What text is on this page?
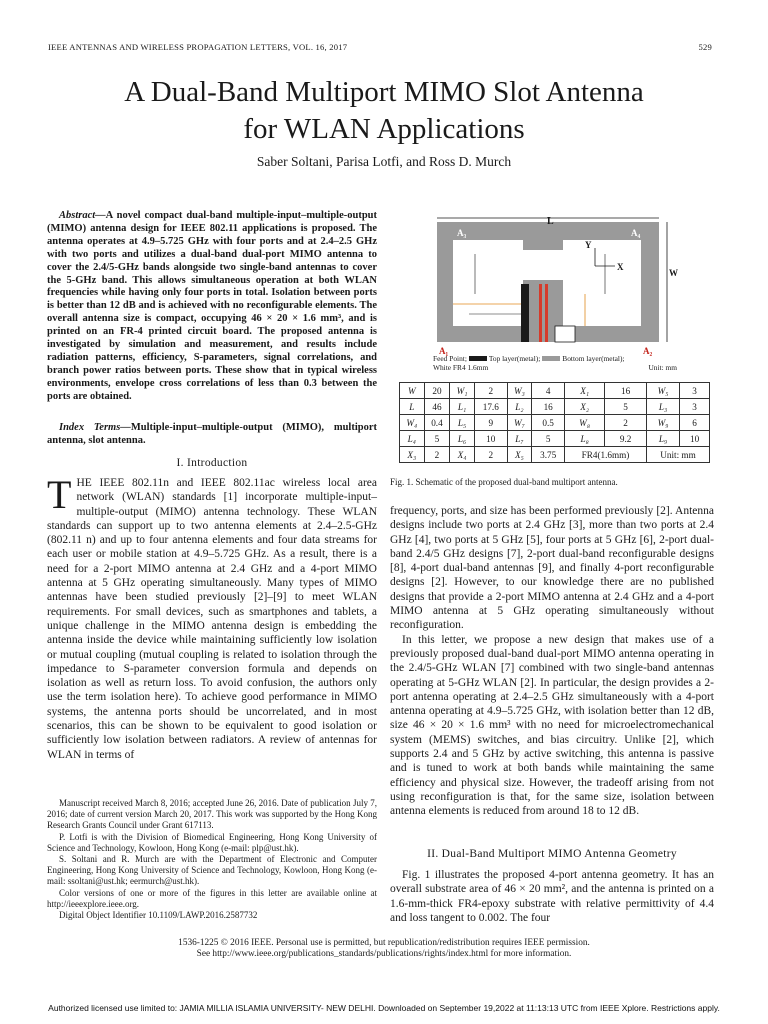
IEEE ANTENNAS AND WIRELESS PROPAGATION LETTERS, VOL. 16, 2017	529
A Dual-Band Multiport MIMO Slot Antenna
for WLAN Applications
Saber Soltani, Parisa Lotfi, and Ross D. Murch
Abstract—A novel compact dual-band multiple-input–multiple-output (MIMO) antenna design for IEEE 802.11 applications is proposed. The antenna operates at 4.9–5.725 GHz with four ports and at 2.4–2.5 GHz with two ports and utilizes a dual-band dual-port MIMO antenna to cover the 2.4/5-GHz bands alongside two single-band antennas to cover the 5-GHz band. This allows simultaneous operation at both WLAN frequencies while having only four ports in total. Isolation between ports is better than 12 dB and is achieved with no reconfigurable elements. The overall antenna size is compact, occupying 46 × 20 × 1.6 mm³, and is printed on an FR-4 printed circuit board. The proposed antenna is investigated by simulation and measurement, and results include radiation patterns, efficiency, S-parameters, signal correlations, and branch power ratios between ports. These show that in typical wireless environments, envelope cross correlations of less than 0.3 between the ports are obtained.
Index Terms—Multiple-input–multiple-output (MIMO), multiport antenna, slot antenna.
I. Introduction
THE IEEE 802.11n and IEEE 802.11ac wireless local area network (WLAN) standards [1] incorporate multiple-input–multiple-output (MIMO) antenna technology. These WLAN standards can support up to two antenna elements at 2.4–2.5-GHz (802.11 n) and up to four antenna elements and four data streams for each user or mobile station at 4.9–5.725 GHz. As a result, there is a need for a 2-port MIMO antenna at 2.4 GHz and a 4-port MIMO antenna at 5 GHz operating simultaneously. Many types of MIMO antennas have been studied previously [2]–[9] to meet WLAN requirements. For small devices, such as smartphones and tablets, a unique challenge in the MIMO antenna design is embedding the antenna inside the device while maintaining sufficiently low isolation or mutual coupling (mutual coupling is related to isolation through the impedance to S-parameter conversion formula and depends on isolation as well as return loss. To avoid confusion, the authors only use the term isolation here). To achieve good performance in MIMO systems, the antenna ports should be uncorrelated, and in most scenarios, this can be shown to be equivalent to good isolation or sufficiently low isolation between radiators. A review of antennas for WLAN in terms of

Manuscript received March 8, 2016; accepted June 26, 2016. Date of publication July 7, 2016; date of current version March 20, 2017. This work was supported by the Hong Kong Research Grants Council under Grant 617113.

P. Lotfi is with the Division of Biomedical Engineering, Hong Kong University of Science and Technology, Kowloon, Hong Kong (e-mail: plp@ust.hk).

S. Soltani and R. Murch are with the Department of Electronic and Computer Engineering, Hong Kong University of Science and Technology, Kowloon, Hong Kong (e-mail: ssoltani@ust.hk; eermurch@ust.hk).

Color versions of one or more of the figures in this letter are available online at http://ieeexplore.ieee.org.

Digital Object Identifier 10.1109/LAWP.2016.2587732

L
W
Y
X
A₃	A₄
A₁	A₂
Feed Point;	Top layer(metal);	Bottom layer(metal);
White FR4 1.6mm	Unit: mm
W	20	W₁	2	W₃	4	X₁	16	W₅	3
L	46	L₁	17.6	L₂	16	X₂	5	L₃	3
W₄	0.4	L₅	9	W₇	0.5	W₈	2	W₉	6
L₄	5	L₆	10	L₇	5	L₈	9.2	L₉	10
X₃	2	X₄	2	X₅	3.75	FR4(1.6mm)		Unit: mm	
Fig. 1. Schematic of the proposed dual-band multiport antenna.

frequency, ports, and size has been performed previously [2]. Antenna designs include two ports at 2.4 GHz [3], more than two ports at 2.4 GHz [4], two ports at 5 GHz [5], four ports at 5 GHz [6], 2-port dual-band 2.4/5 GHz designs [7], 2-port dual-band reconfigurable designs [8], 4-port dual-band antennas [9], and finally 4-port reconfigurable designs [2]. However, to our knowledge there are no published designs that provide a 2-port MIMO antenna at 2.4 GHz and a 4-port MIMO antenna at 5 GHz operating simultaneously without reconfiguration.

In this letter, we propose a new design that makes use of a previously proposed dual-band dual-port MIMO antenna operating in the 2.4/5-GHz WLAN [7] combined with two single-band antennas operating at 5-GHz WLAN [2]. In particular, the design provides a 2-port antenna operating at 2.4–2.5 GHz simultaneously with a 4-port antenna operating at 4.9–5.725 GHz, with isolation better than 12 dB, size 46 × 20 × 1.6 mm³ with no need for microelectromechanical system (MEMS) switches, and bias circuitry. Unlike [2], which supports 2.4 and 5 GHz by active switching, this antenna is passive and is tuned to work at both bands while maintaining the same efficiency and physical size. However, the tradeoff arising from not using reconfiguration is that, for the same size, isolation between antenna elements is reduced from around 18 to 12 dB.

II. Dual-Band Multiport MIMO Antenna Geometry
Fig. 1 illustrates the proposed 4-port antenna geometry. It has an overall substrate area of 46 × 20 mm², and the antenna is printed on a 1.6-mm-thick FR4-epoxy substrate with relative permittivity of 4.4 and loss tangent to 0.002. The four
1536-1225 © 2016 IEEE. Personal use is permitted, but republication/redistribution requires IEEE permission.
See http://www.ieee.org/publications_standards/publications/rights/index.html for more information.
Authorized licensed use limited to: JAMIA MILLIA ISLAMIA UNIVERSITY- NEW DELHI. Downloaded on September 19,2022 at 11:13:13 UTC from IEEE Xplore. Restrictions apply.
